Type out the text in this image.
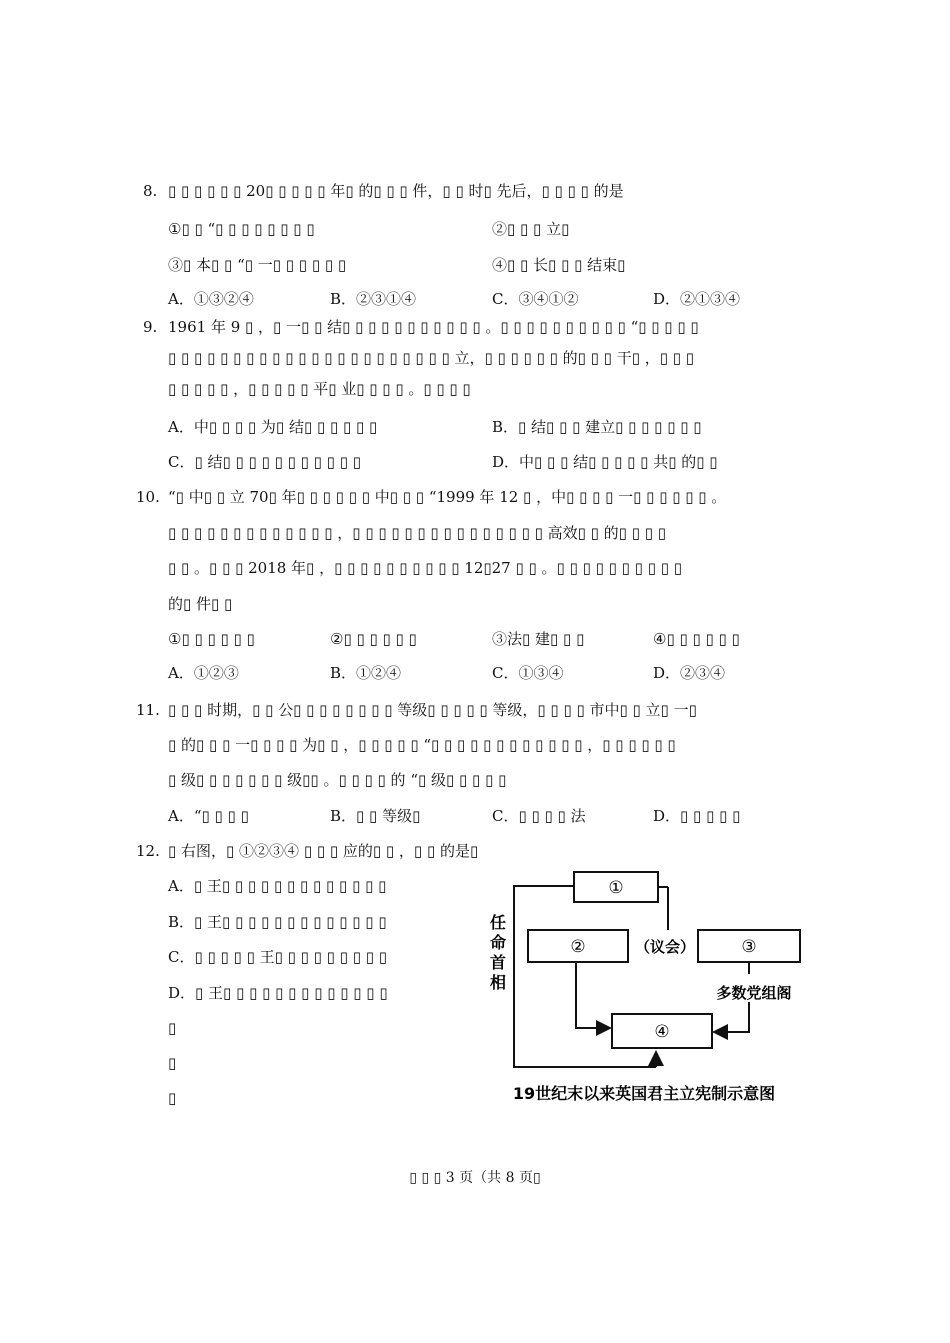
8. ▯ ▯ ▯ ▯ ▯ ▯ 20▯ ▯ ▯ ▯ ▯ 年▯ 的▯ ▯ ▯ 件，▯ ▯ 时▯ 先后，▯ ▯ ▯ ▯ 的是
①▯ ▯ “▯ ▯ ▯ ▯ ▯ ▯ ▯ ▯	②▯ ▯ ▯ 立▯
③▯ 本▯ ▯ “▯ 一▯ ▯ ▯ ▯ ▯ ▯	④▯ ▯ 长▯ ▯ ▯ 结束▯
A．①③②④	B．②③①④	C．③④①②	D．②①③④
9. 1961 年 9 ▯ ，▯ 一▯ ▯ 结▯ ▯ ▯ ▯ ▯ ▯ ▯ ▯ ▯ ▯ ▯ 。▯ ▯ ▯ ▯ ▯ ▯ ▯ ▯ ▯ ▯ “▯ ▯ ▯ ▯ ▯
▯ ▯ ▯ ▯ ▯ ▯ ▯ ▯ ▯ ▯ ▯ ▯ ▯ ▯ ▯ ▯ ▯ ▯ ▯ ▯ ▯ ▯ 立，▯ ▯ ▯ ▯ ▯ ▯ 的▯ ▯ ▯ 干▯ ，▯ ▯ ▯
▯ ▯ ▯ ▯ ▯ ，▯ ▯ ▯ ▯ ▯ 平▯ 业▯ ▯ ▯ ▯ 。▯ ▯ ▯ ▯
A．中▯ ▯ ▯ ▯ 为▯ 结▯ ▯ ▯ ▯ ▯ ▯	B．▯ 结▯ ▯ ▯ 建立▯ ▯ ▯ ▯ ▯ ▯ ▯
C．▯ 结▯ ▯ ▯ ▯ ▯ ▯ ▯ ▯ ▯ ▯ ▯	D．中▯ ▯ ▯ 结▯ ▯ ▯ ▯ ▯ 共▯ 的▯ ▯
10. “▯ 中▯ ▯ 立 70▯ 年▯ ▯ ▯ ▯ ▯ ▯ 中▯ ▯ ▯ “1999 年 12 ▯ ，中▯ ▯ ▯ ▯ 一▯ ▯ ▯ ▯ ▯ ▯ 。
▯ ▯ ▯ ▯ ▯ ▯ ▯ ▯ ▯ ▯ ▯ ▯ ▯ ，▯ ▯ ▯ ▯ ▯ ▯ ▯ ▯ ▯ ▯ ▯ ▯ ▯ ▯ ▯ 高效▯ ▯ 的▯ ▯ ▯ ▯
▯ ▯ 。▯ ▯ ▯ 2018 年▯ ，▯ ▯ ▯ ▯ ▯ ▯ ▯ ▯ ▯ ▯ 12▯27 ▯ ▯ 。▯ ▯ ▯ ▯ ▯ ▯ ▯ ▯ ▯ ▯
的▯ 件▯ ▯
①▯ ▯ ▯ ▯ ▯ ▯	②▯ ▯ ▯ ▯ ▯ ▯	③法▯ 建▯ ▯ ▯	④▯ ▯ ▯ ▯ ▯ ▯
A．①②③	B．①②④	C．①③④	D．②③④
11. ▯ ▯ ▯ 时期，▯ ▯ 公▯ ▯ ▯ ▯ ▯ ▯ ▯ ▯ 等级▯ ▯ ▯ ▯ ▯ 等级，▯ ▯ ▯ ▯ 市中▯ ▯ 立▯ 一▯
▯ 的▯ ▯ ▯ 一▯ ▯ ▯ ▯ 为▯ ▯ ，▯ ▯ ▯ ▯ ▯ “▯ ▯ ▯ ▯ ▯ ▯ ▯ ▯ ▯ ▯ ▯ ▯ ，▯ ▯ ▯ ▯ ▯ ▯
▯ 级▯ ▯ ▯ ▯ ▯ ▯ ▯ 级▯▯ 。▯ ▯ ▯ ▯ 的 “▯ 级▯ ▯ ▯ ▯ ▯
A．“▯ ▯ ▯ ▯	B．▯ ▯ 等级▯	C．▯ ▯ ▯ ▯ 法	D．▯ ▯ ▯ ▯ ▯
12. ▯ 右图，▯ ①②③④ ▯ ▯ ▯ 应的▯ ▯ ，▯ ▯ 的是▯
A．▯ 王▯ ▯ ▯ ▯ ▯ ▯ ▯ ▯ ▯ ▯ ▯ ▯ ▯
B．▯ 王▯ ▯ ▯ ▯ ▯ ▯ ▯ ▯ ▯ ▯ ▯ ▯ ▯
C．▯ ▯ ▯ ▯ ▯ 王▯ ▯ ▯ ▯ ▯ ▯ ▯ ▯ ▯
D．▯ 王▯ ▯ ▯ ▯ ▯ ▯ ▯ ▯ ▯ ▯ ▯ ▯ ▯
▯
▯
▯
①
②	（议会）	③
④
多数党组阁
任
命
首
相
19世纪末以来英国君主立宪制示意图
▯ ▯ ▯ 3 页（共 8 页▯
